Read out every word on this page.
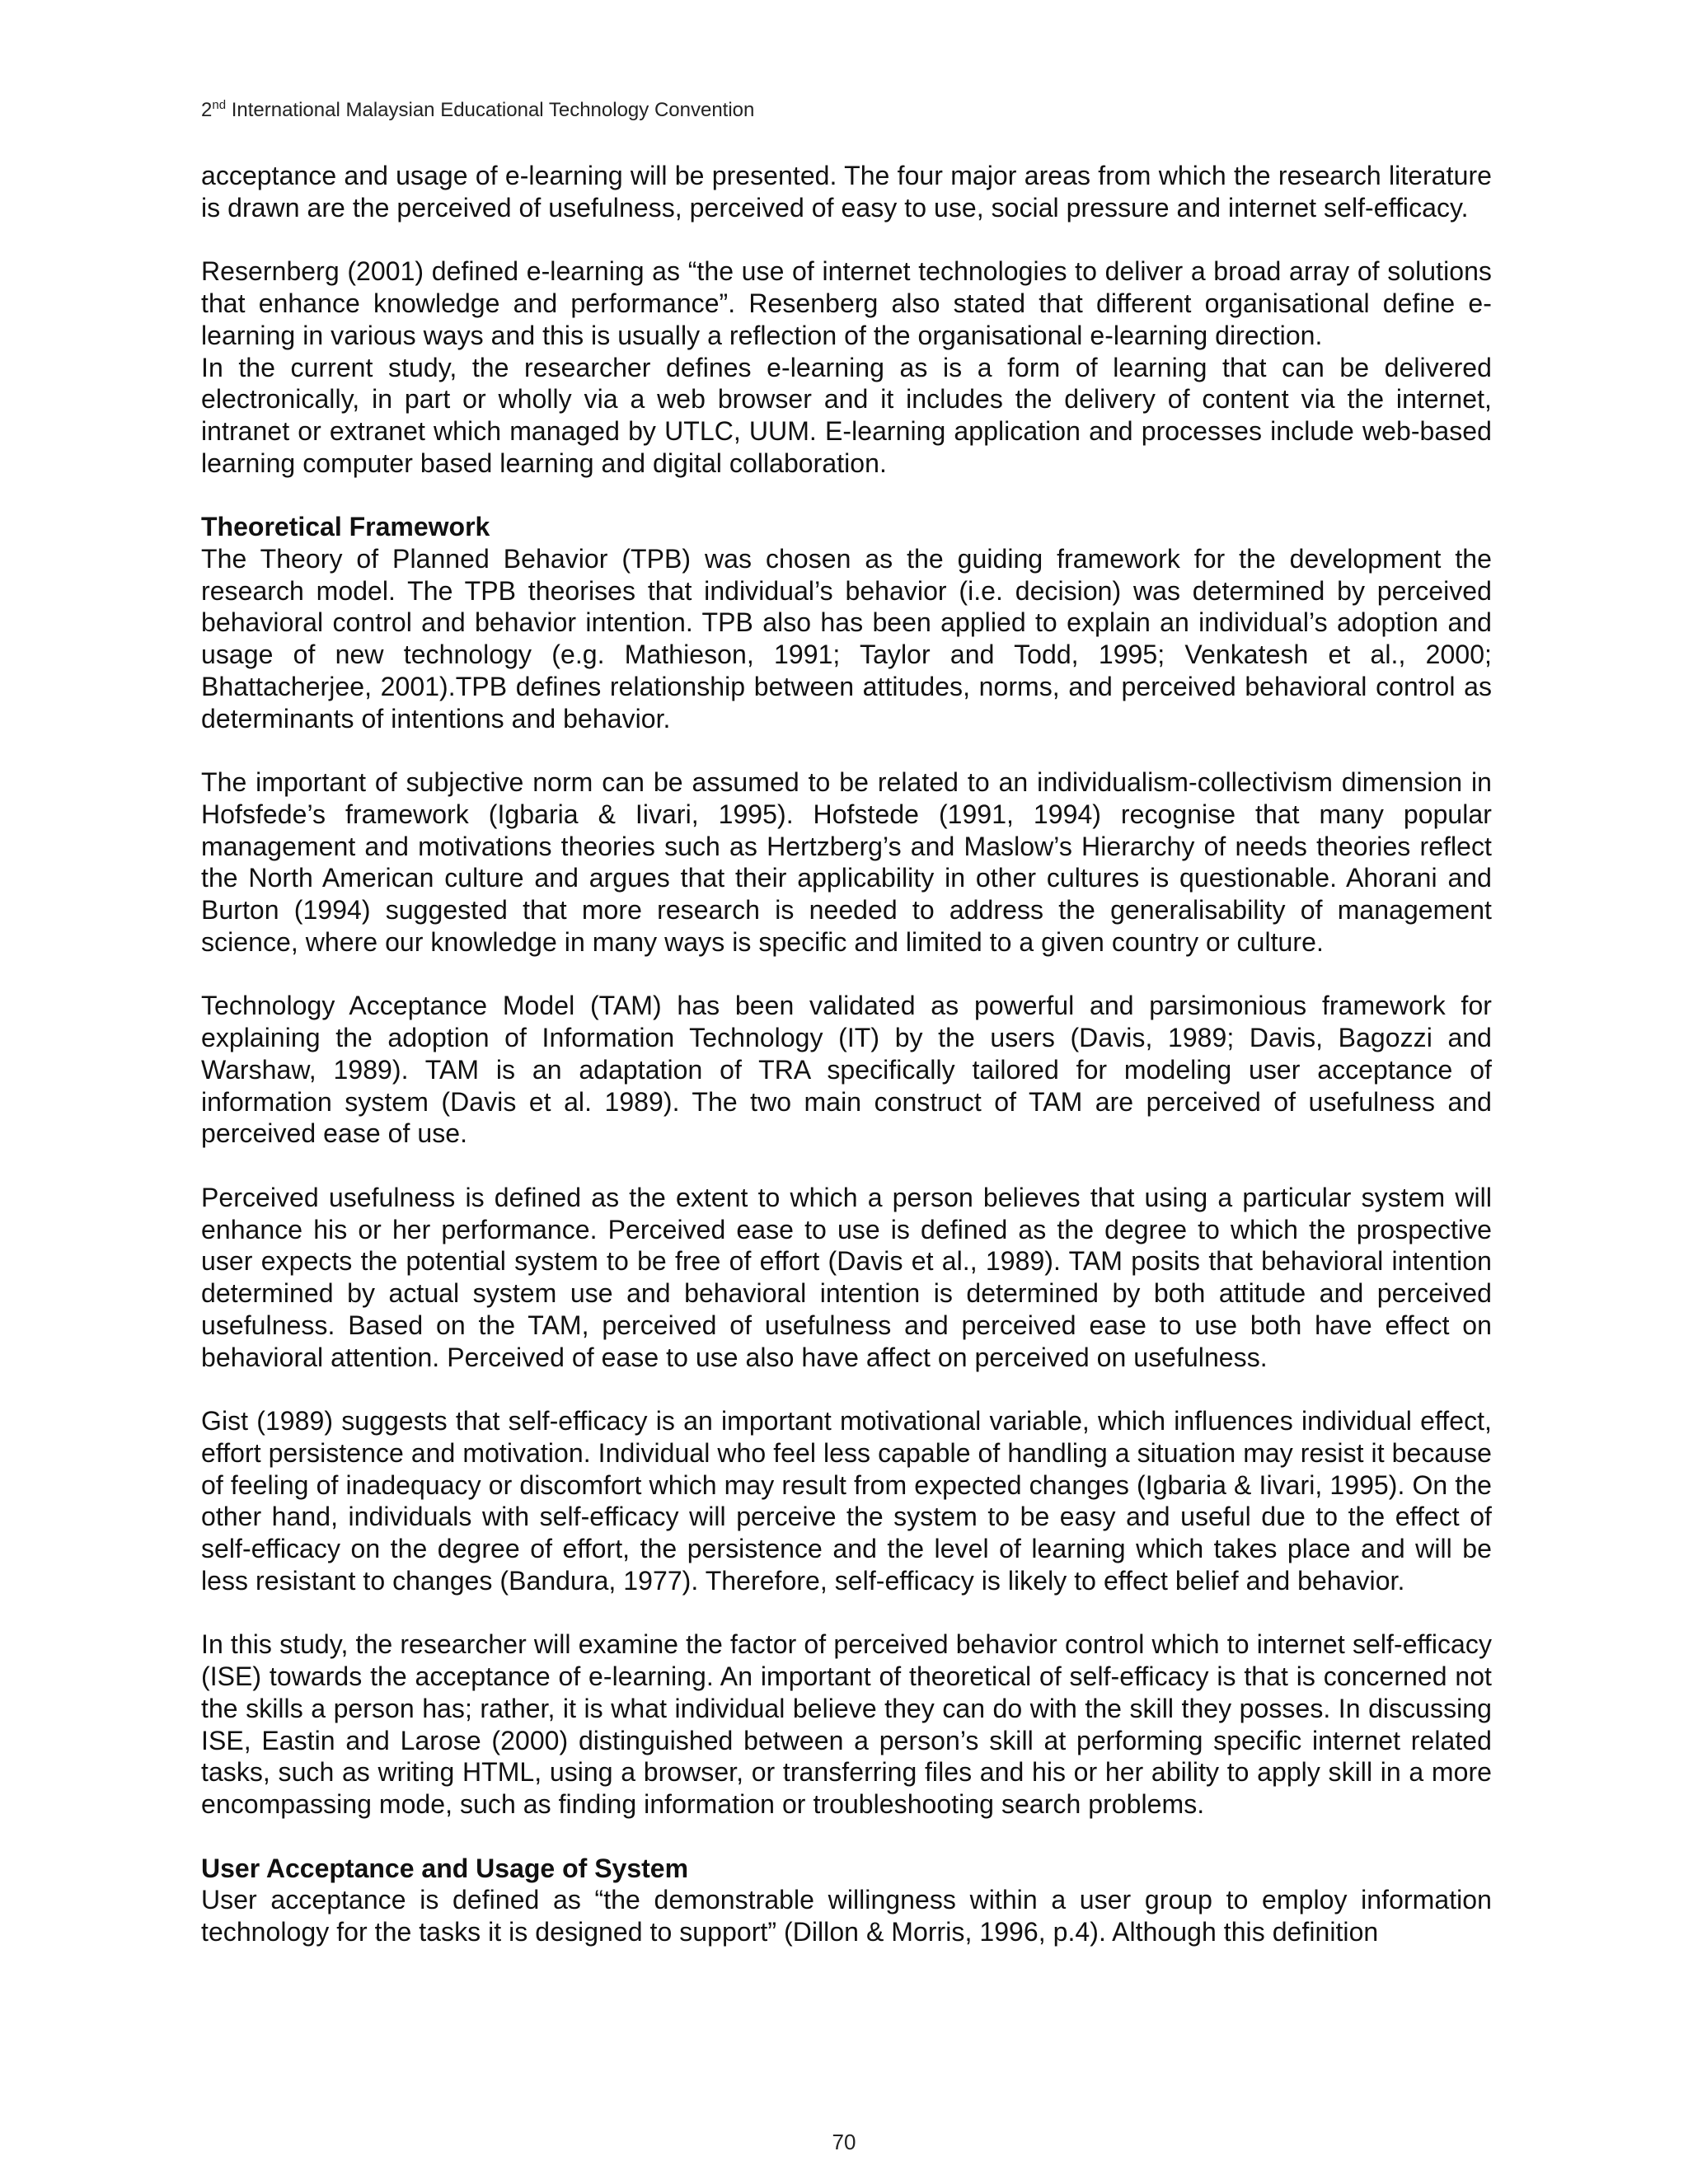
2nd International Malaysian Educational Technology Convention

acceptance and usage of e-learning will be presented. The four major areas from which the research literature is drawn are the perceived of usefulness, perceived of easy to use, social pressure and internet self-efficacy.

Resernberg (2001) defined e-learning as “the use of internet technologies to deliver a broad array of solutions that enhance knowledge and performance”. Resenberg also stated that different organisational define e-learning in various ways and this is usually a reflection of the organisational e-learning direction.

In the current study, the researcher defines e-learning as is a form of learning that can be delivered electronically, in part or wholly via a web browser and it includes the delivery of content via the internet, intranet or extranet which managed by UTLC, UUM. E-learning application and processes include web-based learning computer based learning and digital collaboration.

Theoretical Framework

The Theory of Planned Behavior (TPB) was chosen as the guiding framework for the development the research model. The TPB theorises that individual’s behavior (i.e. decision) was determined by perceived behavioral control and behavior intention. TPB also has been applied to explain an individual’s adoption and usage of new technology (e.g. Mathieson, 1991; Taylor and Todd, 1995; Venkatesh et al., 2000; Bhattacherjee, 2001).TPB defines relationship between attitudes, norms, and perceived behavioral control as determinants of intentions and behavior.

The important of subjective norm can be assumed to be related to an individualism-collectivism dimension in Hofsfede’s framework (Igbaria & Iivari, 1995). Hofstede (1991, 1994) recognise that many popular management and motivations theories such as Hertzberg’s and Maslow’s Hierarchy of needs theories reflect the North American culture and argues that their applicability in other cultures is questionable. Ahorani and Burton (1994) suggested that more research is needed to address the generalisability of management science, where our knowledge in many ways is specific and limited to a given country or culture.

Technology Acceptance Model (TAM) has been validated as powerful and parsimonious framework for explaining the adoption of Information Technology (IT) by the users (Davis, 1989; Davis, Bagozzi and Warshaw, 1989). TAM is an adaptation of TRA specifically tailored for modeling user acceptance of information system (Davis et al. 1989). The two main construct of TAM are perceived of usefulness and perceived ease of use.

Perceived usefulness is defined as the extent to which a person believes that using a particular system will enhance his or her performance. Perceived ease to use is defined as the degree to which the prospective user expects the potential system to be free of effort (Davis et al., 1989). TAM posits that behavioral intention determined by actual system use and behavioral intention is determined by both attitude and perceived usefulness. Based on the TAM, perceived of usefulness and perceived ease to use both have effect on behavioral attention. Perceived of ease to use also have affect on perceived on usefulness.

Gist (1989) suggests that self-efficacy is an important motivational variable, which influences individual effect, effort persistence and motivation. Individual who feel less capable of handling a situation may resist it because of feeling of inadequacy or discomfort which may result from expected changes (Igbaria & Iivari, 1995). On the other hand, individuals with self-efficacy will perceive the system to be easy and useful due to the effect of self-efficacy on the degree of effort, the persistence and the level of learning which takes place and will be less resistant to changes (Bandura, 1977). Therefore, self-efficacy is likely to effect belief and behavior.

In this study, the researcher will examine the factor of perceived behavior control which to internet self-efficacy (ISE) towards the acceptance of e-learning. An important of theoretical of self-efficacy is that is concerned not the skills a person has; rather, it is what individual believe they can do with the skill they posses. In discussing ISE, Eastin and Larose (2000) distinguished between a person’s skill at performing specific internet related tasks, such as writing HTML, using a browser, or transferring files and his or her ability to apply skill in a more encompassing mode, such as finding information or troubleshooting search problems.

User Acceptance and Usage of System

User acceptance is defined as “the demonstrable willingness within a user group to employ information technology for the tasks it is designed to support” (Dillon & Morris, 1996, p.4). Although this definition

70
